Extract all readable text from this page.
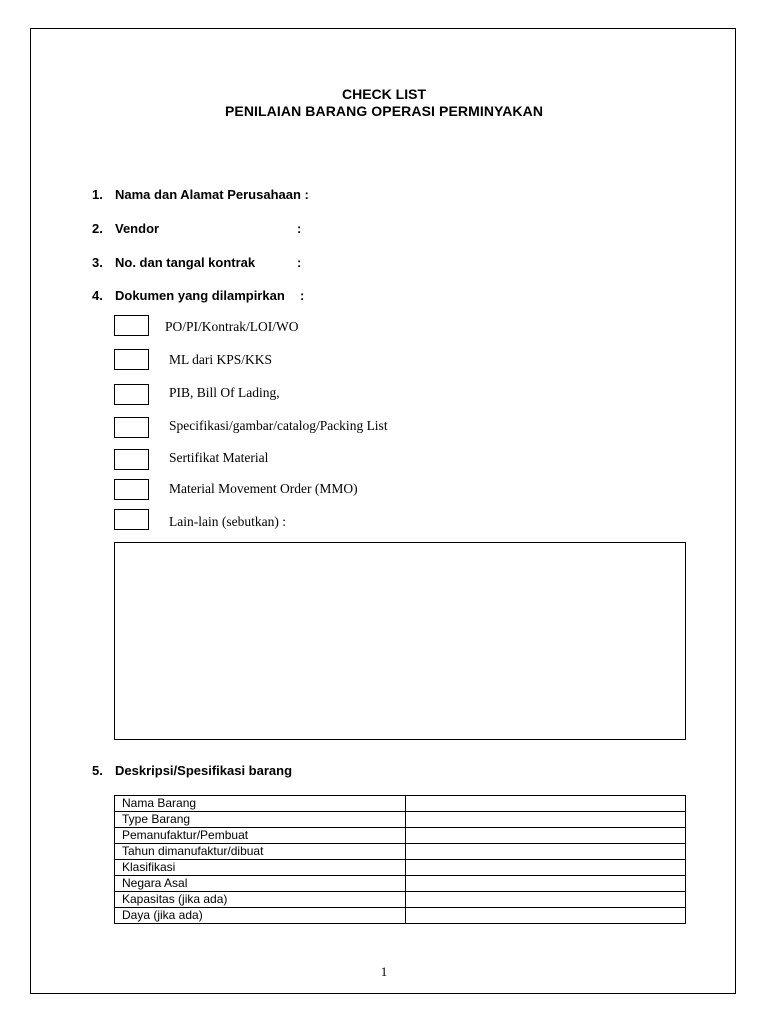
CHECK LIST
PENILAIAN BARANG OPERASI PERMINYAKAN
1. Nama dan Alamat Perusahaan :
2. Vendor	:
3. No. dan tangal kontrak	:
4. Dokumen yang dilampirkan :
PO/PI/Kontrak/LOI/WO
ML dari KPS/KKS
PIB, Bill Of Lading,
Specifikasi/gambar/catalog/Packing List
Sertifikat Material
Material Movement Order (MMO)
Lain-lain (sebutkan) :
5. Deskripsi/Spesifikasi barang
Nama Barang	
Type Barang	
Pemanufaktur/Pembuat	
Tahun dimanufaktur/dibuat	
Klasifikasi	
Negara Asal	
Kapasitas (jika ada)	
Daya (jika ada)	
1
